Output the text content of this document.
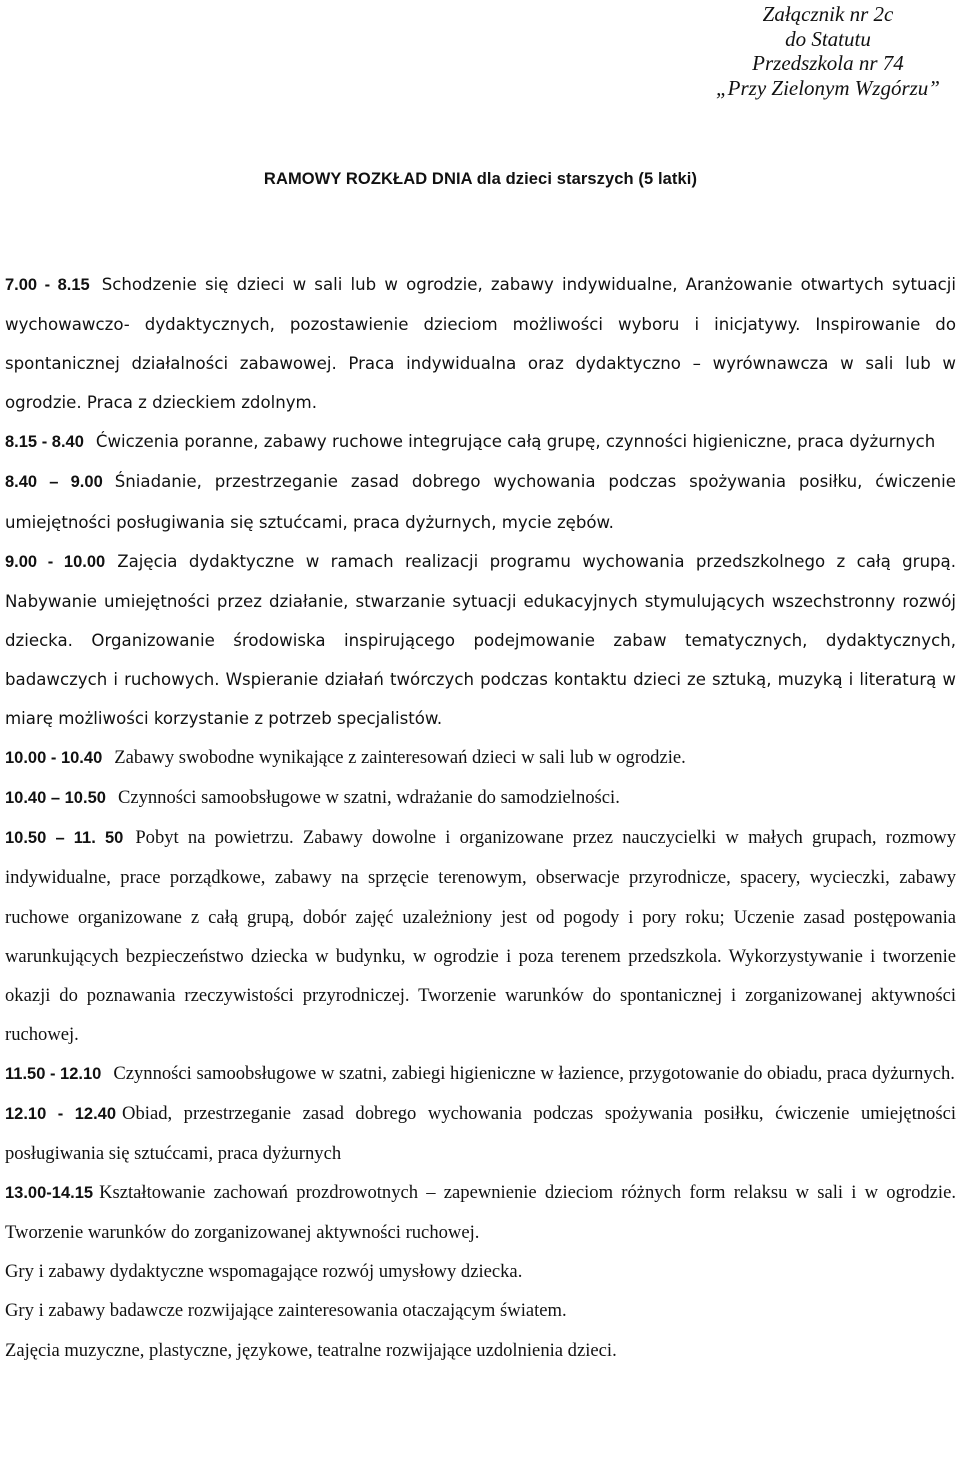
Załącznik nr 2c
do Statutu
Przedszkola nr 74
„Przy Zielonym Wzgórzu”
RAMOWY ROZKŁAD DNIA dla dzieci starszych (5 latki)

7.00 - 8.15 Schodzenie się dzieci w sali lub w ogrodzie, zabawy indywidualne, Aranżowanie otwartych sytuacji wychowawczo- dydaktycznych, pozostawienie dzieciom możliwości wyboru i inicjatywy. Inspirowanie do spontanicznej działalności zabawowej. Praca indywidualna oraz dydaktyczno – wyrównawcza w sali lub w ogrodzie. Praca z dzieckiem zdolnym.

8.15 - 8.40 Ćwiczenia poranne, zabawy ruchowe integrujące całą grupę, czynności higieniczne, praca dyżurnych

8.40 – 9.00 Śniadanie, przestrzeganie zasad dobrego wychowania podczas spożywania posiłku, ćwiczenie umiejętności posługiwania się sztućcami, praca dyżurnych, mycie zębów.

9.00 - 10.00 Zajęcia dydaktyczne w ramach realizacji programu wychowania przedszkolnego z całą grupą. Nabywanie umiejętności przez działanie, stwarzanie sytuacji edukacyjnych stymulujących wszechstronny rozwój dziecka. Organizowanie środowiska inspirującego podejmowanie zabaw tematycznych, dydaktycznych, badawczych i ruchowych. Wspieranie działań twórczych podczas kontaktu dzieci ze sztuką, muzyką i literaturą w miarę możliwości korzystanie z potrzeb specjalistów.

10.00 - 10.40 Zabawy swobodne wynikające z zainteresowań dzieci w sali lub w ogrodzie.

10.40 – 10.50 Czynności samoobsługowe w szatni, wdrażanie do samodzielności.

10.50 – 11. 50 Pobyt na powietrzu. Zabawy dowolne i organizowane przez nauczycielki w małych grupach, rozmowy indywidualne, prace porządkowe, zabawy na sprzęcie terenowym, obserwacje przyrodnicze, spacery, wycieczki, zabawy ruchowe organizowane z całą grupą, dobór zajęć uzależniony jest od pogody i pory roku; Uczenie zasad postępowania warunkujących bezpieczeństwo dziecka w budynku, w ogrodzie i poza terenem przedszkola. Wykorzystywanie i tworzenie okazji do poznawania rzeczywistości przyrodniczej. Tworzenie warunków do spontanicznej i zorganizowanej aktywności ruchowej.

11.50 - 12.10 Czynności samoobsługowe w szatni, zabiegi higieniczne w łazience, przygotowanie do obiadu, praca dyżurnych.

12.10 - 12.40 Obiad, przestrzeganie zasad dobrego wychowania podczas spożywania posiłku, ćwiczenie umiejętności posługiwania się sztućcami, praca dyżurnych

13.00-14.15 Kształtowanie zachowań prozdrowotnych – zapewnienie dzieciom różnych form relaksu w sali i w ogrodzie. Tworzenie warunków do zorganizowanej aktywności ruchowej.

Gry i zabawy dydaktyczne wspomagające rozwój umysłowy dziecka.

Gry i zabawy badawcze rozwijające zainteresowania otaczającym światem.

Zajęcia muzyczne, plastyczne, językowe, teatralne rozwijające uzdolnienia dzieci.
